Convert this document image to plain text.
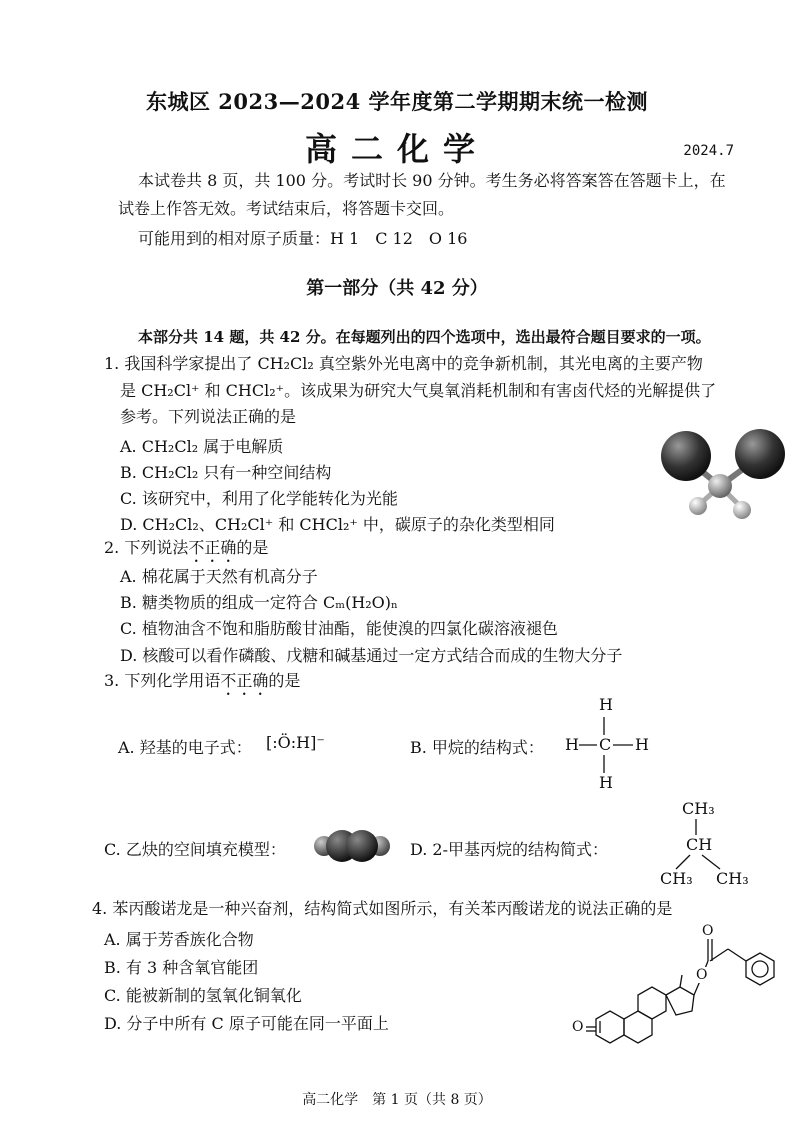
东城区 2023—2024 学年度第二学期期末统一检测
高二化学	2024.7
本试卷共 8 页，共 100 分。考试时长 90 分钟。考生务必将答案答在答题卡上，在
试卷上作答无效。考试结束后，将答题卡交回。
可能用到的相对原子质量：H 1　C 12　O 16
第一部分（共 42 分）
本部分共 14 题，共 42 分。在每题列出的四个选项中，选出最符合题目要求的一项。
1. 我国科学家提出了 CH₂Cl₂ 真空紫外光电离中的竞争新机制，其光电离的主要产物
是 CH₂Cl⁺ 和 CHCl₂⁺。该成果为研究大气臭氧消耗机制和有害卤代烃的光解提供了
参考。下列说法正确的是
A. CH₂Cl₂ 属于电解质
B. CH₂Cl₂ 只有一种空间结构
C. 该研究中，利用了化学能转化为光能
D. CH₂Cl₂、CH₂Cl⁺ 和 CHCl₂⁺ 中，碳原子的杂化类型相同
2. 下列说法不正确的是
A. 棉花属于天然有机高分子
B. 糖类物质的组成一定符合 Cₘ(H₂O)ₙ
C. 植物油含不饱和脂肪酸甘油酯，能使溴的四氯化碳溶液褪色
D. 核酸可以看作磷酸、戊糖和碱基通过一定方式结合而成的生物大分子
3. 下列化学用语不正确的是
A. 羟基的电子式： [:Ö:H]⁻	B. 甲烷的结构式：
H
H C H
H
C. 乙炔的空间填充模型：	D. 2-甲基丙烷的结构简式：
CH₃
CH
CH₃ CH₃
4. 苯丙酸诺龙是一种兴奋剂，结构简式如图所示，有关苯丙酸诺龙的说法正确的是
A. 属于芳香族化合物
B. 有 3 种含氧官能团
C. 能被新制的氢氧化铜氧化
D. 分子中所有 C 原子可能在同一平面上	O
O
O
高二化学　第 1 页（共 8 页）
